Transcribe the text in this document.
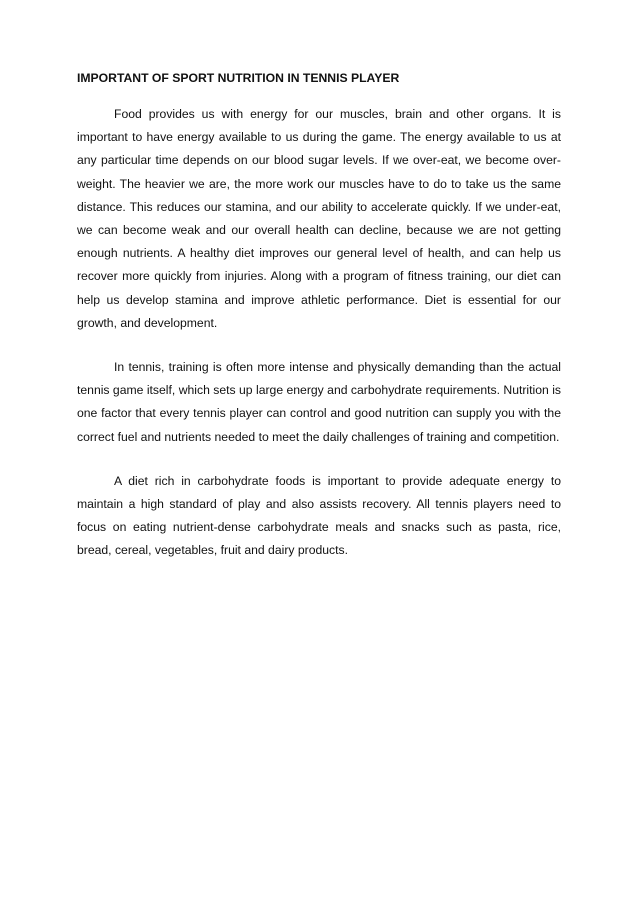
IMPORTANT OF SPORT NUTRITION IN TENNIS PLAYER

Food provides us with energy for our muscles, brain and other organs. It is important to have energy available to us during the game. The energy available to us at any particular time depends on our blood sugar levels. If we over-eat, we become over-weight. The heavier we are, the more work our muscles have to do to take us the same distance. This reduces our stamina, and our ability to accelerate quickly. If we under-eat, we can become weak and our overall health can decline, because we are not getting enough nutrients. A healthy diet improves our general level of health, and can help us recover more quickly from injuries. Along with a program of fitness training, our diet can help us develop stamina and improve athletic performance. Diet is essential for our growth, and development.

In tennis, training is often more intense and physically demanding than the actual tennis game itself, which sets up large energy and carbohydrate requirements. Nutrition is one factor that every tennis player can control and good nutrition can supply you with the correct fuel and nutrients needed to meet the daily challenges of training and competition.

A diet rich in carbohydrate foods is important to provide adequate energy to maintain a high standard of play and also assists recovery. All tennis players need to focus on eating nutrient-dense carbohydrate meals and snacks such as pasta, rice, bread, cereal, vegetables, fruit and dairy products.
